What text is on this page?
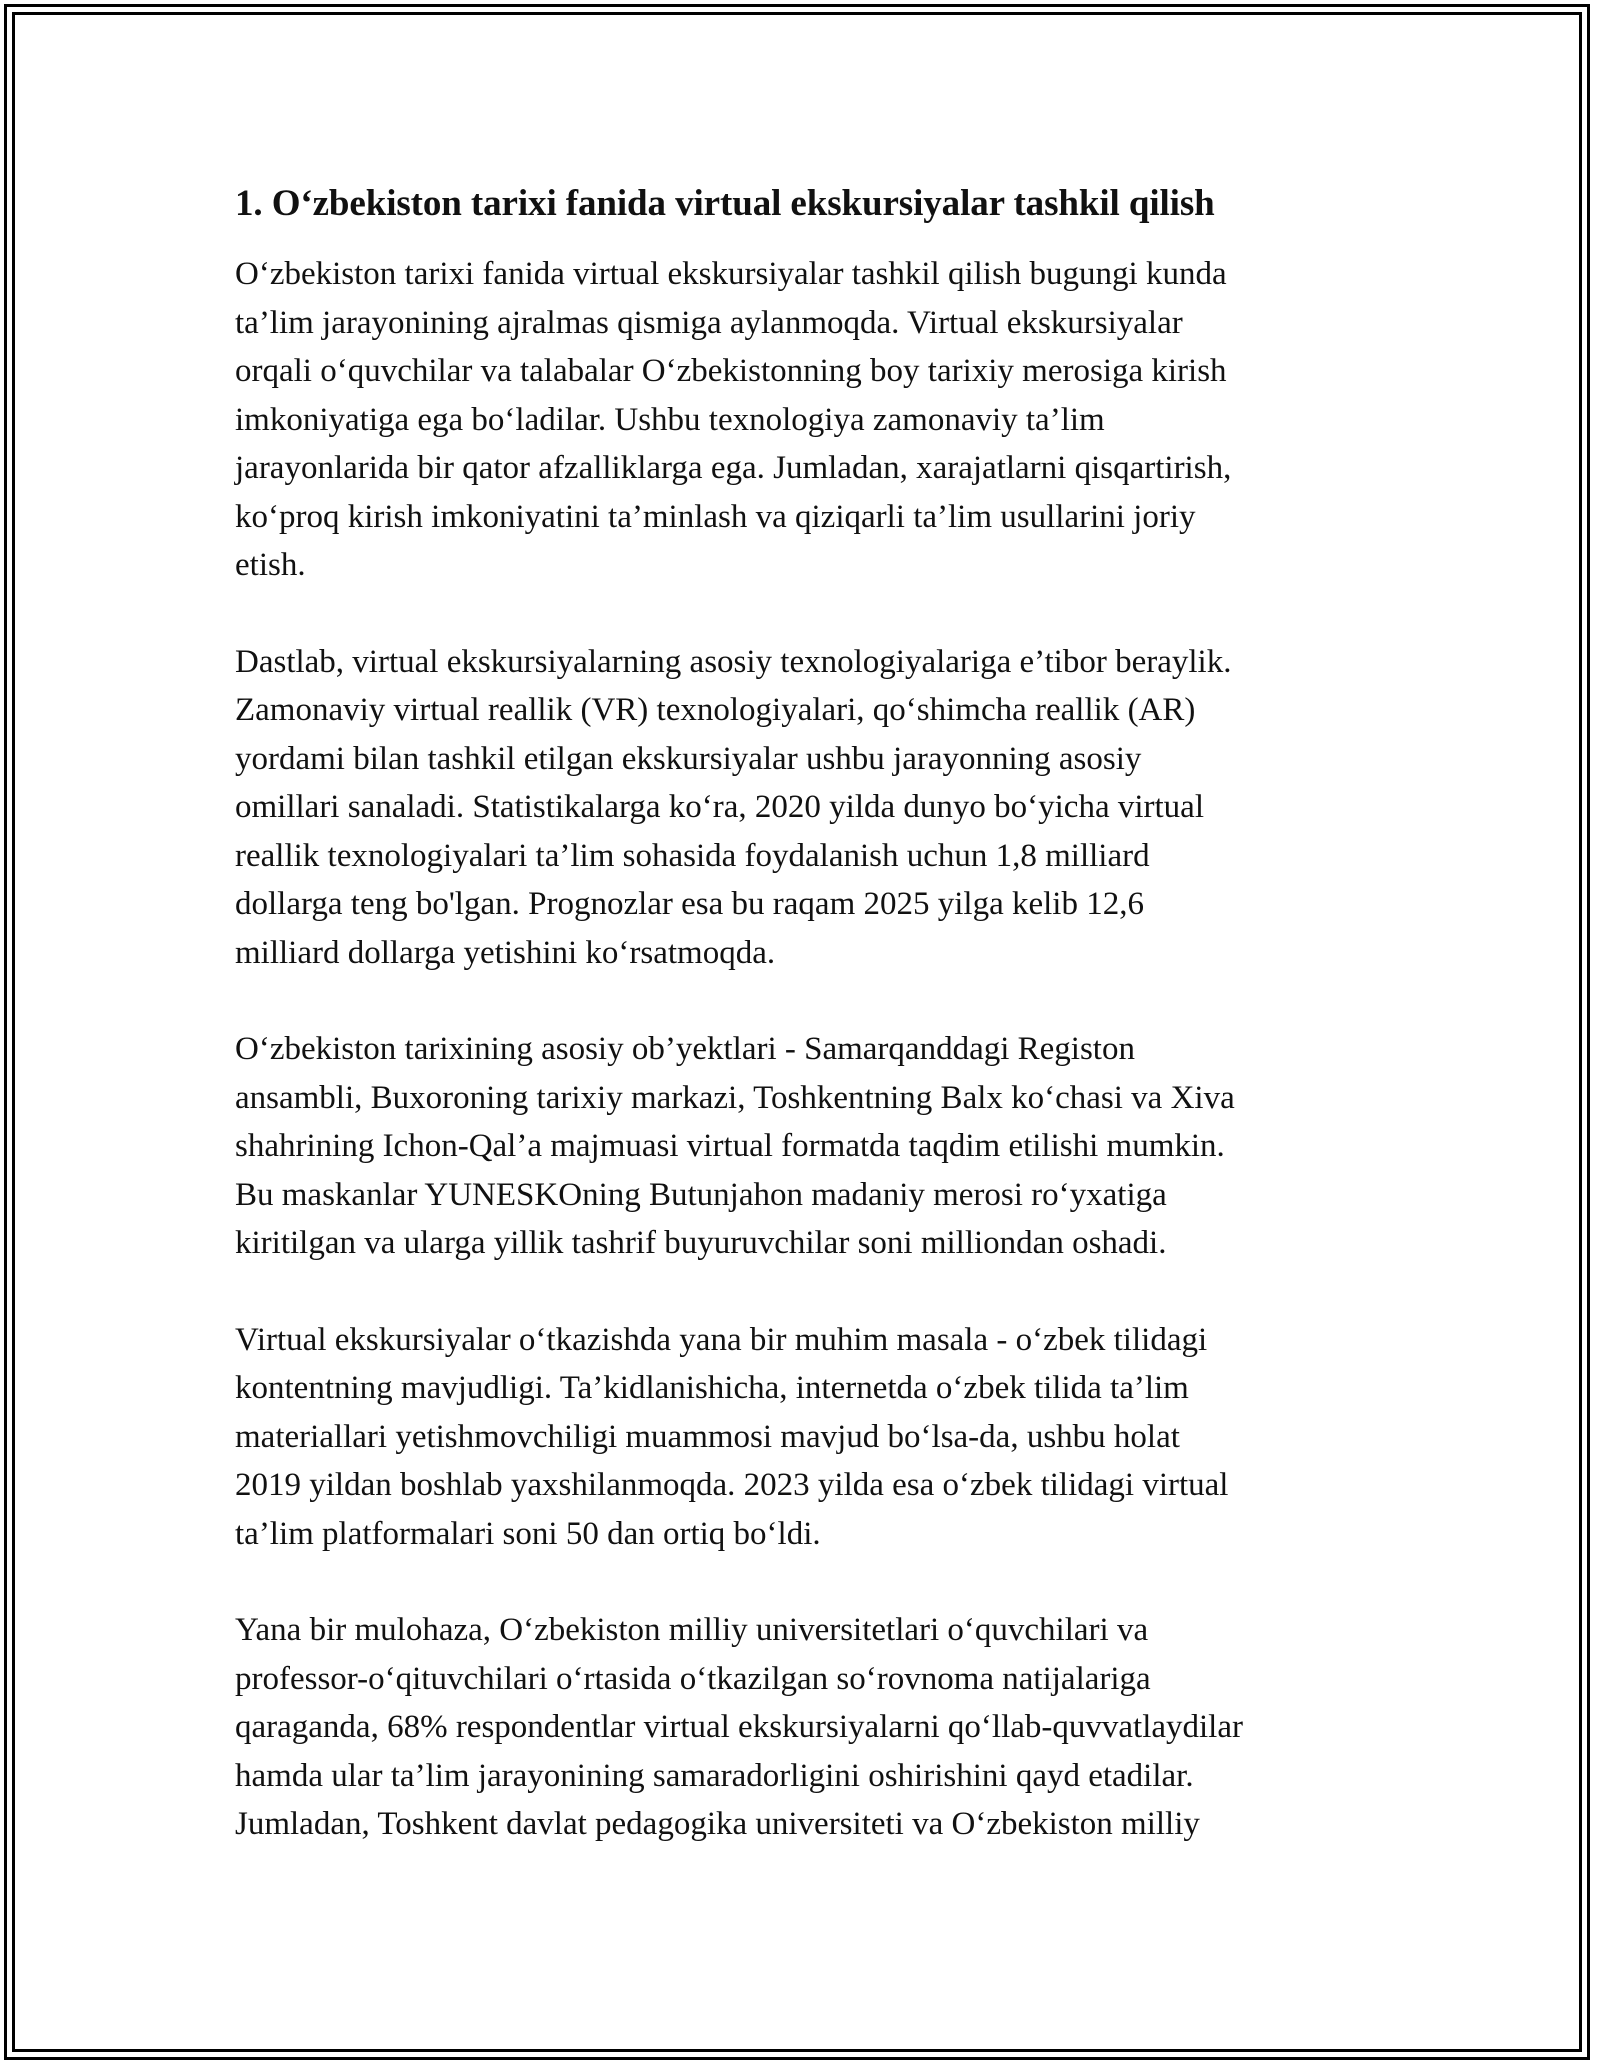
1. O‘zbekiston tarixi fanida virtual ekskursiyalar tashkil qilish

O‘zbekiston tarixi fanida virtual ekskursiyalar tashkil qilish bugungi kunda
ta’lim jarayonining ajralmas qismiga aylanmoqda. Virtual ekskursiyalar
orqali o‘quvchilar va talabalar O‘zbekistonning boy tarixiy merosiga kirish
imkoniyatiga ega bo‘ladilar. Ushbu texnologiya zamonaviy ta’lim
jarayonlarida bir qator afzalliklarga ega. Jumladan, xarajatlarni qisqartirish,
ko‘proq kirish imkoniyatini ta’minlash va qiziqarli ta’lim usullarini joriy
etish.

Dastlab, virtual ekskursiyalarning asosiy texnologiyalariga e’tibor beraylik.
Zamonaviy virtual reallik (VR) texnologiyalari, qo‘shimcha reallik (AR)
yordami bilan tashkil etilgan ekskursiyalar ushbu jarayonning asosiy
omillari sanaladi. Statistikalarga ko‘ra, 2020 yilda dunyo bo‘yicha virtual
reallik texnologiyalari ta’lim sohasida foydalanish uchun 1,8 milliard
dollarga teng bo'lgan. Prognozlar esa bu raqam 2025 yilga kelib 12,6
milliard dollarga yetishini ko‘rsatmoqda.

O‘zbekiston tarixining asosiy ob’yektlari - Samarqanddagi Registon
ansambli, Buxoroning tarixiy markazi, Toshkentning Balx ko‘chasi va Xiva
shahrining Ichon-Qal’a majmuasi virtual formatda taqdim etilishi mumkin.
Bu maskanlar YUNESKOning Butunjahon madaniy merosi ro‘yxatiga
kiritilgan va ularga yillik tashrif buyuruvchilar soni milliondan oshadi.

Virtual ekskursiyalar o‘tkazishda yana bir muhim masala - o‘zbek tilidagi
kontentning mavjudligi. Ta’kidlanishicha, internetda o‘zbek tilida ta’lim
materiallari yetishmovchiligi muammosi mavjud bo‘lsa-da, ushbu holat
2019 yildan boshlab yaxshilanmoqda. 2023 yilda esa o‘zbek tilidagi virtual
ta’lim platformalari soni 50 dan ortiq bo‘ldi.

Yana bir mulohaza, O‘zbekiston milliy universitetlari o‘quvchilari va
professor-o‘qituvchilari o‘rtasida o‘tkazilgan so‘rovnoma natijalariga
qaraganda, 68% respondentlar virtual ekskursiyalarni qo‘llab-quvvatlaydilar
hamda ular ta’lim jarayonining samaradorligini oshirishini qayd etadilar.
Jumladan, Toshkent davlat pedagogika universiteti va O‘zbekiston milliy
